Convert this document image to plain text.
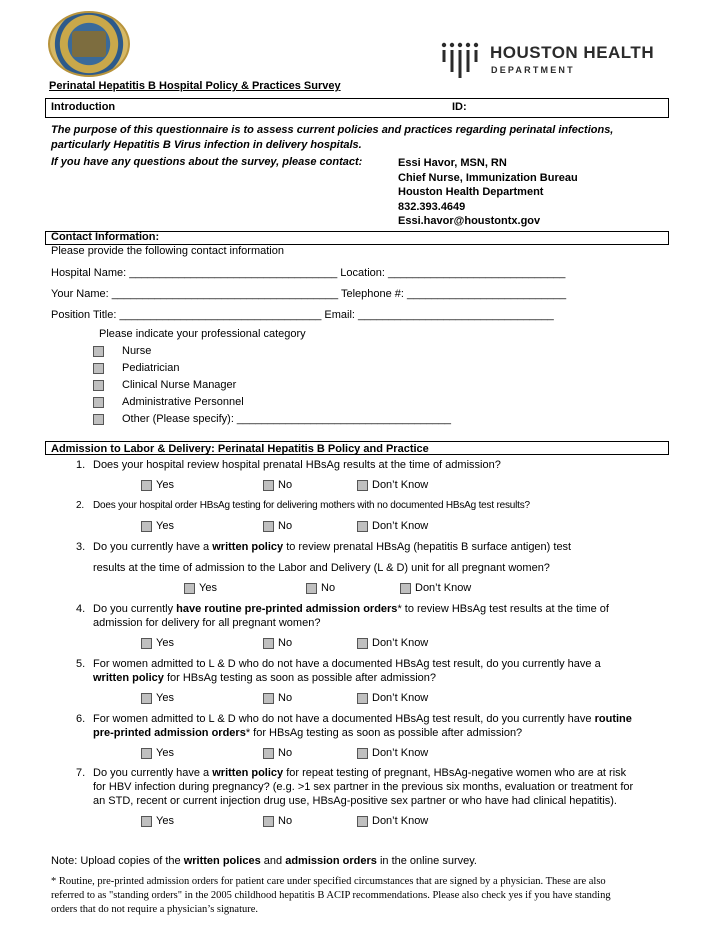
HOUSTON HEALTH
DEPARTMENT
Perinatal Hepatitis B Hospital Policy & Practices Survey
Introduction	ID:
The purpose of this questionnaire is to assess current policies and practices regarding perinatal infections, particularly Hepatitis B Virus infection in delivery hospitals.
If you have any questions about the survey, please contact:	Essi Havor, MSN, RN
Chief Nurse, Immunization Bureau
Houston Health Department
832.393.4649
Essi.havor@houstontx.gov
Contact Information:
Please provide the following contact information
Hospital Name: __________________________________ Location: _____________________________
Your Name: _____________________________________ Telephone #: __________________________
Position Title: _________________________________ Email: ________________________________
Please indicate your professional category
Nurse
Pediatrician
Clinical Nurse Manager
Administrative Personnel
Other (Please specify): ___________________________________
Admission to Labor & Delivery: Perinatal Hepatitis B Policy and Practice
1. Does your hospital review hospital prenatal HBsAg results at the time of admission?
Yes	No	Don’t Know
2. Does your hospital order HBsAg testing for delivering mothers with no documented HBsAg test results?
Yes	No	Don’t Know
3. Do you currently have a written policy to review prenatal HBsAg (hepatitis B surface antigen) test
results at the time of admission to the Labor and Delivery (L & D) unit for all pregnant women?
Yes	No	Don’t Know
4. Do you currently have routine pre-printed admission orders* to review HBsAg test results at the time of
admission for delivery for all pregnant women?
Yes	No	Don’t Know
5. For women admitted to L & D who do not have a documented HBsAg test result, do you currently have a
written policy for HBsAg testing as soon as possible after admission?
Yes	No	Don’t Know
6. For women admitted to L & D who do not have a documented HBsAg test result, do you currently have routine
pre-printed admission orders* for HBsAg testing as soon as possible after admission?
Yes	No	Don’t Know
7. Do you currently have a written policy for repeat testing of pregnant, HBsAg-negative women who are at risk
for HBV infection during pregnancy? (e.g. >1 sex partner in the previous six months, evaluation or treatment for
an STD, recent or current injection drug use, HBsAg-positive sex partner or who have had clinical hepatitis).
Yes	No	Don’t Know
Note: Upload copies of the written polices and admission orders in the online survey.
* Routine, pre-printed admission orders for patient care under specified circumstances that are signed by a physician. These are also referred to as "standing orders" in the 2005 childhood hepatitis B ACIP recommendations. Please also check yes if you have standing orders that do not require a physician’s signature.
